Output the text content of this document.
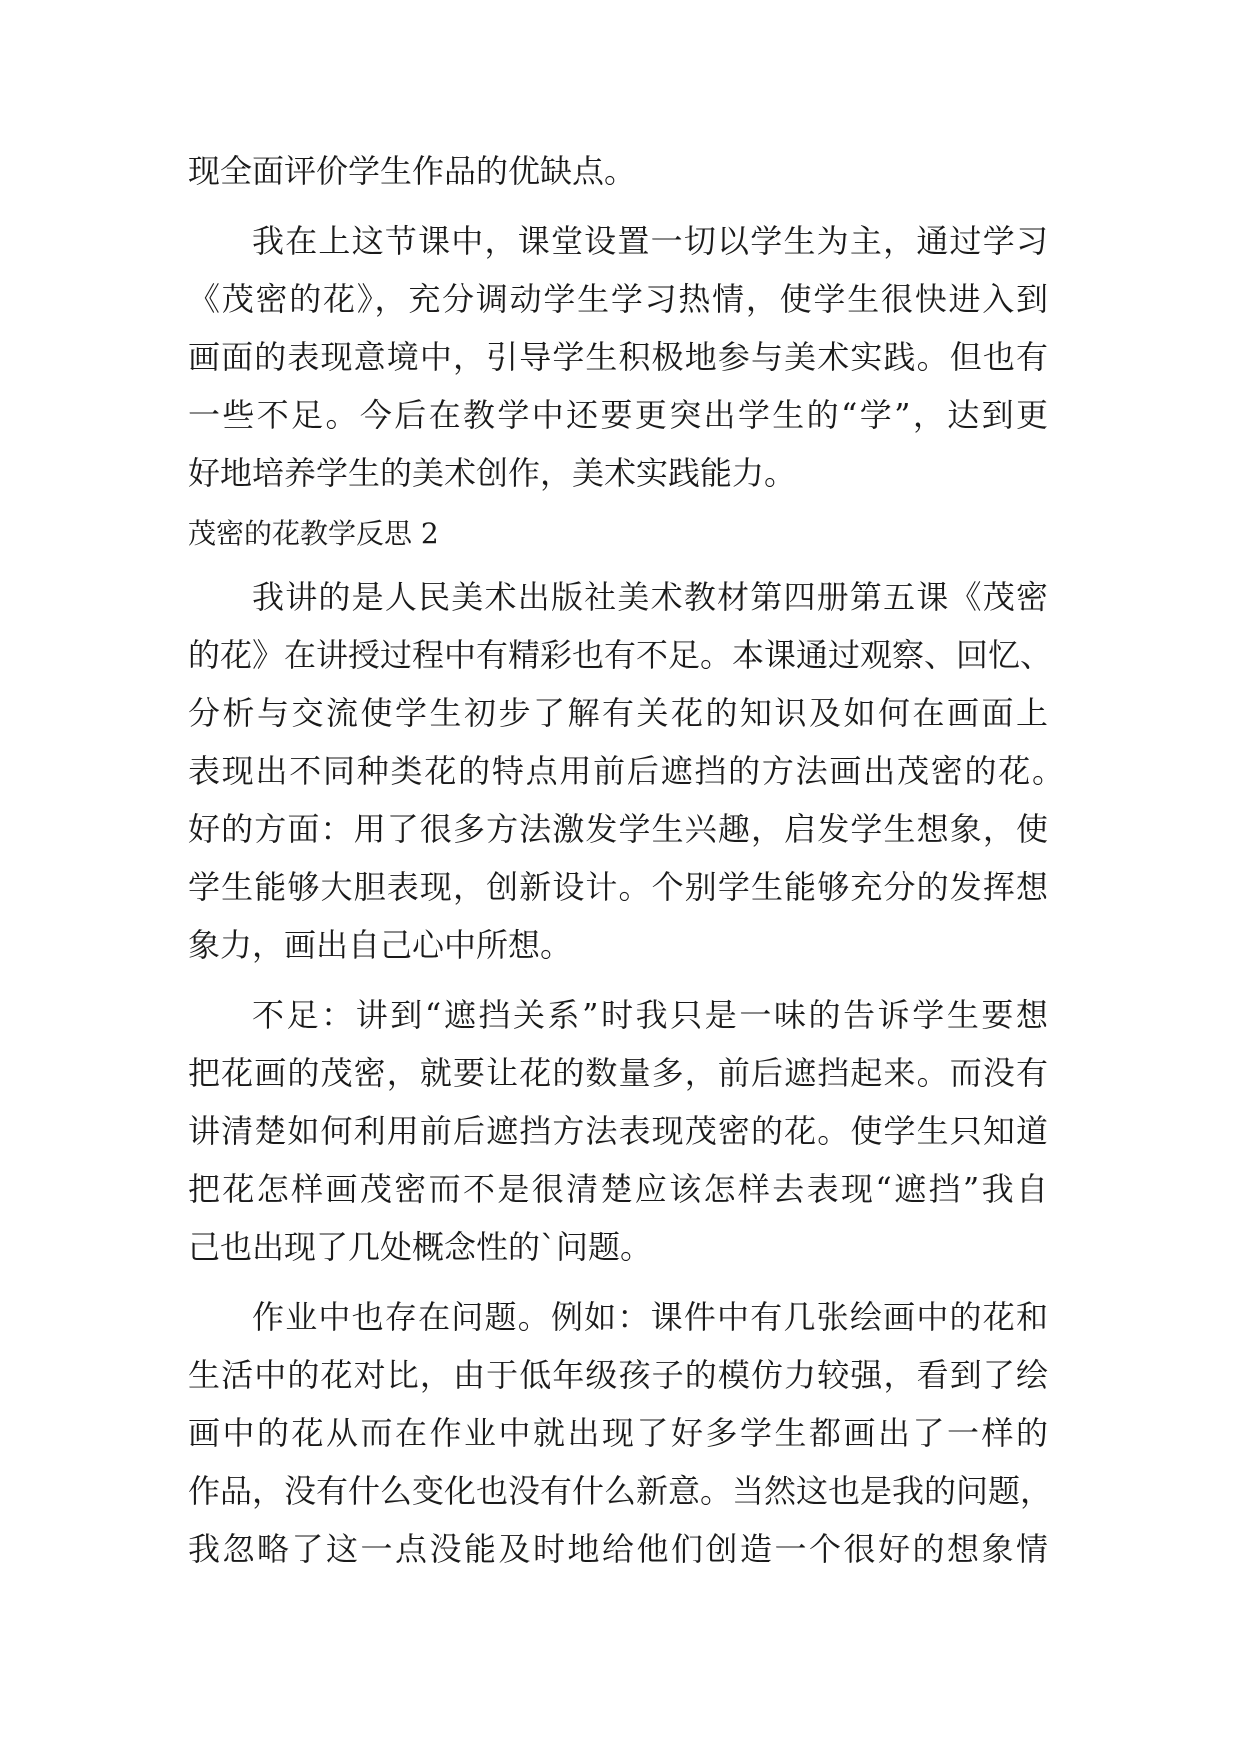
现全面评价学生作品的优缺点。
我在上这节课中，课堂设置一切以学生为主，通过学习
《茂密的花》，充分调动学生学习热情，使学生很快进入到
画面的表现意境中，引导学生积极地参与美术实践。但也有
一些不足。今后在教学中还要更突出学生的“学”，达到更
好地培养学生的美术创作，美术实践能力。
茂密的花教学反思 2
我讲的是人民美术出版社美术教材第四册第五课《茂密
的花》在讲授过程中有精彩也有不足。本课通过观察、回忆、
分析与交流使学生初步了解有关花的知识及如何在画面上
表现出不同种类花的特点用前后遮挡的方法画出茂密的花。
好的方面：用了很多方法激发学生兴趣，启发学生想象，使
学生能够大胆表现，创新设计。个别学生能够充分的发挥想
象力，画出自己心中所想。
不足：讲到“遮挡关系”时我只是一味的告诉学生要想
把花画的茂密，就要让花的数量多，前后遮挡起来。而没有
讲清楚如何利用前后遮挡方法表现茂密的花。使学生只知道
把花怎样画茂密而不是很清楚应该怎样去表现“遮挡”我自
己也出现了几处概念性的`问题。
作业中也存在问题。例如：课件中有几张绘画中的花和
生活中的花对比，由于低年级孩子的模仿力较强，看到了绘
画中的花从而在作业中就出现了好多学生都画出了一样的
作品，没有什么变化也没有什么新意。当然这也是我的问题，
我忽略了这一点没能及时地给他们创造一个很好的想象情
